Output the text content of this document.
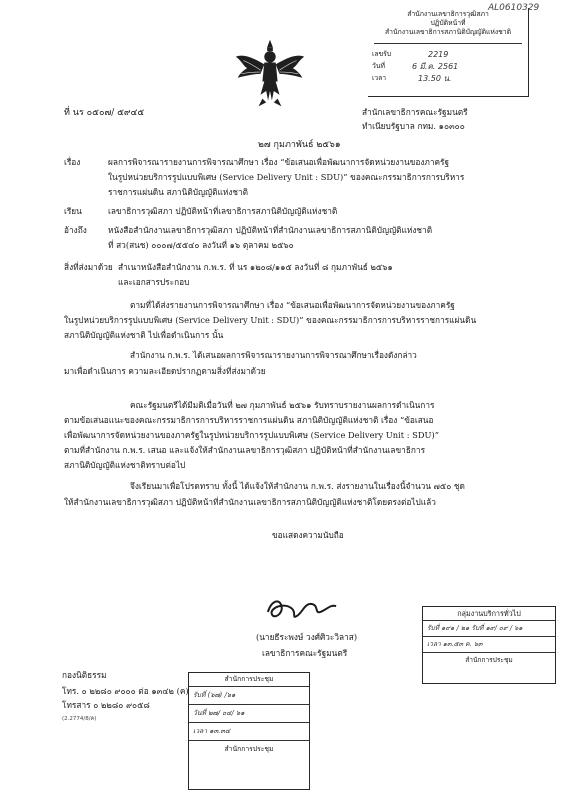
AL0610329
สำนักงานเลขาธิการวุฒิสภา
ปฏิบัติหน้าที่
สำนักงานเลขาธิการสภานิติบัญญัติแห่งชาติ
เลขรับ	2219
วันที่	6 มี.ค. 2561
เวลา	13.50 น.
ที่ นร ๐๕๐๗/ ๕๙๔๕	สำนักเลขาธิการคณะรัฐมนตรี
ทำเนียบรัฐบาล กทม. ๑๐๓๐๐
๒๗ กุมภาพันธ์ ๒๕๖๑
เรื่อง	ผลการพิจารณารายงานการพิจารณาศึกษา เรื่อง “ข้อเสนอเพื่อพัฒนาการจัดหน่วยงานของภาครัฐ
ในรูปหน่วยบริการรูปแบบพิเศษ (Service Delivery Unit : SDU)” ของคณะกรรมาธิการการบริหาร
ราชการแผ่นดิน สภานิติบัญญัติแห่งชาติ
เรียน	เลขาธิการวุฒิสภา ปฏิบัติหน้าที่เลขาธิการสภานิติบัญญัติแห่งชาติ
อ้างถึง	หนังสือสำนักงานเลขาธิการวุฒิสภา ปฏิบัติหน้าที่สำนักงานเลขาธิการสภานิติบัญญัติแห่งชาติ
ที่ สว(สนช) ๐๐๐๗/๕๕๔๐ ลงวันที่ ๑๖ ตุลาคม ๒๕๖๐
สิ่งที่ส่งมาด้วย สำเนาหนังสือสำนักงาน ก.พ.ร. ที่ นร ๑๒๐๘/๑๑๕ ลงวันที่ ๘ กุมภาพันธ์ ๒๕๖๑
และเอกสารประกอบ
ตามที่ได้ส่งรายงานการพิจารณาศึกษา เรื่อง “ข้อเสนอเพื่อพัฒนาการจัดหน่วยงานของภาครัฐ
ในรูปหน่วยบริการรูปแบบพิเศษ (Service Delivery Unit : SDU)” ของคณะกรรมาธิการการบริหารราชการแผ่นดิน
สภานิติบัญญัติแห่งชาติ ไปเพื่อดำเนินการ นั้น
สำนักงาน ก.พ.ร. ได้เสนอผลการพิจารณารายงานการพิจารณาศึกษาเรื่องดังกล่าว
มาเพื่อดำเนินการ ความละเอียดปรากฏตามสิ่งที่ส่งมาด้วย
คณะรัฐมนตรีได้มีมติเมื่อวันที่ ๒๗ กุมภาพันธ์ ๒๕๖๑ รับทราบรายงานผลการดำเนินการ
ตามข้อเสนอแนะของคณะกรรมาธิการการบริหารราชการแผ่นดิน สภานิติบัญญัติแห่งชาติ เรื่อง “ข้อเสนอ
เพื่อพัฒนาการจัดหน่วยงานของภาครัฐในรูปหน่วยบริการรูปแบบพิเศษ (Service Delivery Unit : SDU)”
ตามที่สำนักงาน ก.พ.ร. เสนอ และแจ้งให้สำนักงานเลขาธิการวุฒิสภา ปฏิบัติหน้าที่สำนักงานเลขาธิการ
สภานิติบัญญัติแห่งชาติทราบต่อไป
จึงเรียนมาเพื่อโปรดทราบ ทั้งนี้ ได้แจ้งให้สำนักงาน ก.พ.ร. ส่งรายงานในเรื่องนี้จำนวน ๗๕๐ ชุด
ให้สำนักงานเลขาธิการวุฒิสภา ปฏิบัติหน้าที่สำนักงานเลขาธิการสภานิติบัญญัติแห่งชาติโดยตรงต่อไปแล้ว
ขอแสดงความนับถือ
(นายธีระพงษ์ วงศ์ศิวะวิลาส)
เลขาธิการคณะรัฐมนตรี
กลุ่มงานบริการทั่วไป
รับที่ ๑๙๑ / ๒๑ รับที่ ๑๙/ ๐๙ / ๖๑
เวลา ๑๓.๕๓ ค. ๖๓
สำนักการประชุม
กองนิติธรรม
โทร. ๐ ๒๒๘๐ ๙๐๐๐ ต่อ ๑๓๔๒ (ค)
โทรสาร ๐ ๒๒๘๐ ๙๐๕๘
(2.2774/8/ค)
สำนักการประชุม
รับที่ (๖๗) /๖๑
วันที่ ๒๗/ ๐๔/ ๖๑
เวลา ๑๓.๓๔
สำนักการประชุม
